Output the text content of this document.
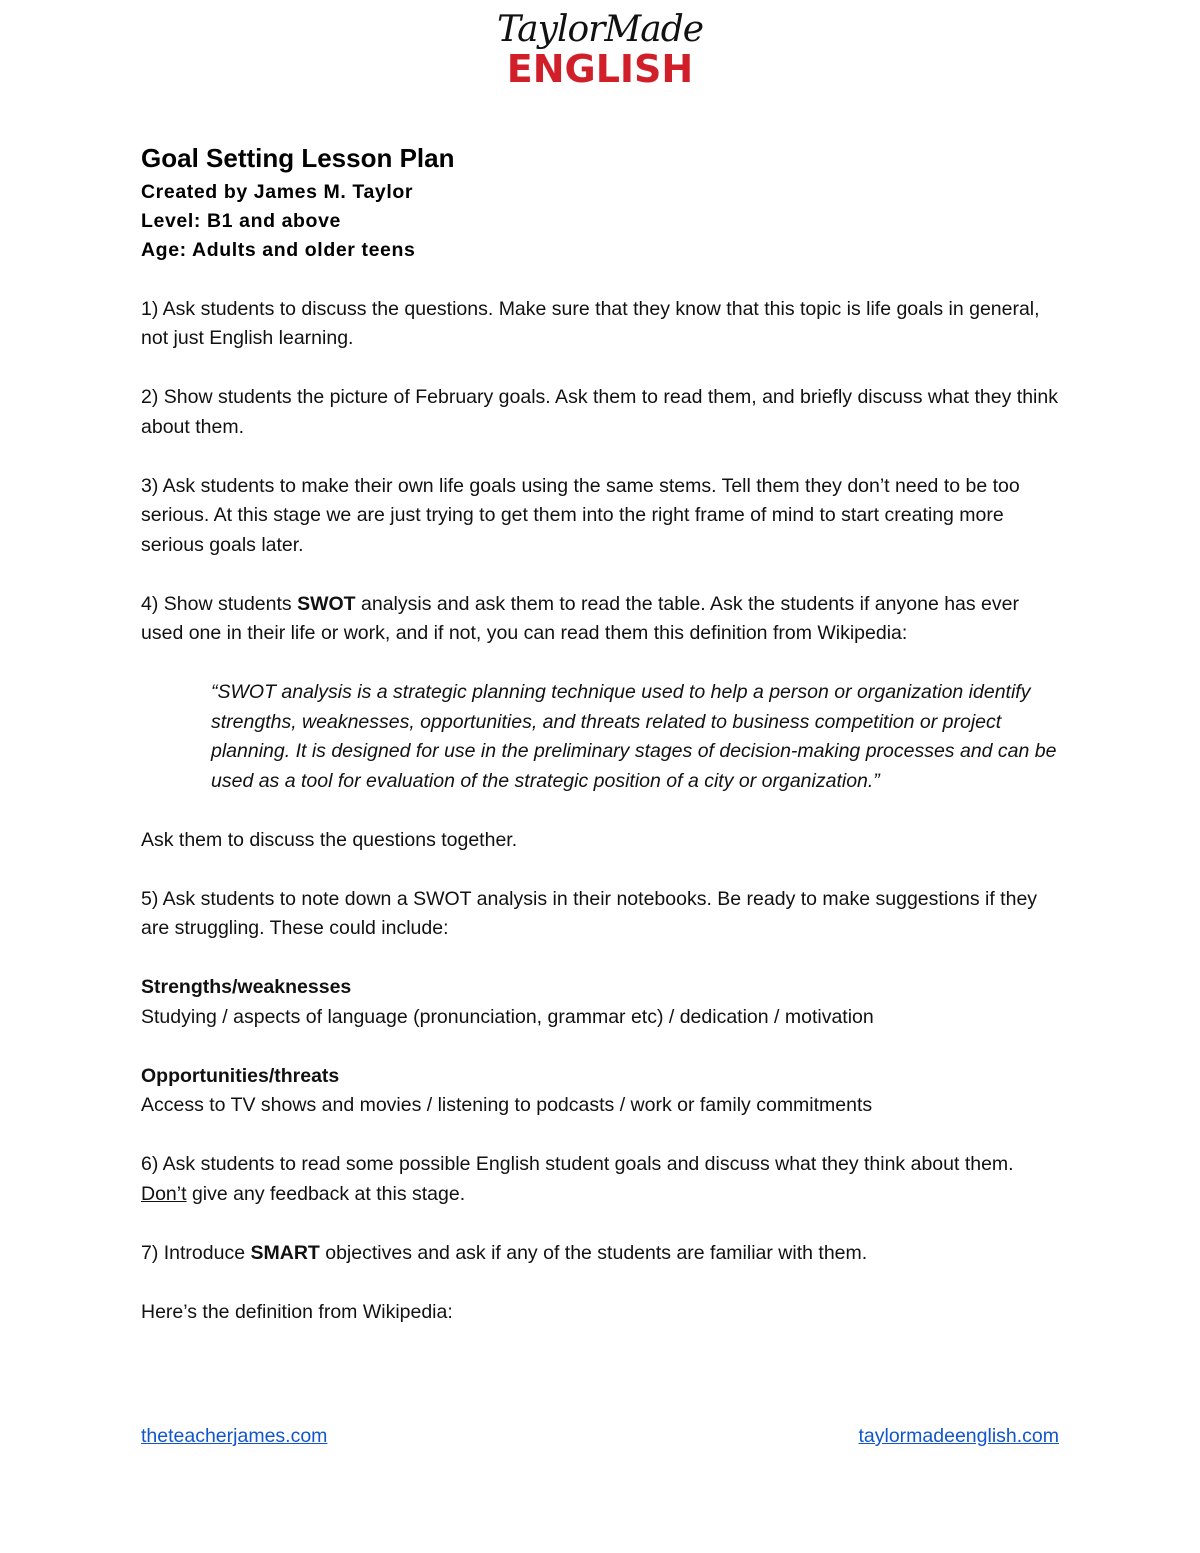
TaylorMade
ENGLISH
Goal Setting Lesson Plan

Created by James M. Taylor

Level: B1 and above

Age: Adults and older teens

1) Ask students to discuss the questions. Make sure that they know that this topic is life goals in general, not just English learning.

2) Show students the picture of February goals. Ask them to read them, and briefly discuss what they think about them.

3) Ask students to make their own life goals using the same stems. Tell them they don’t need to be too serious. At this stage we are just trying to get them into the right frame of mind to start creating more serious goals later.

4) Show students SWOT analysis and ask them to read the table. Ask the students if anyone has ever used one in their life or work, and if not, you can read them this definition from Wikipedia:

“SWOT analysis is a strategic planning technique used to help a person or organization identify strengths, weaknesses, opportunities, and threats related to business competition or project planning. It is designed for use in the preliminary stages of decision-making processes and can be used as a tool for evaluation of the strategic position of a city or organization.”

Ask them to discuss the questions together.

5) Ask students to note down a SWOT analysis in their notebooks. Be ready to make suggestions if they are struggling. These could include:

Strengths/weaknesses

Studying / aspects of language (pronunciation, grammar etc) / dedication / motivation

Opportunities/threats

Access to TV shows and movies / listening to podcasts / work or family commitments

6) Ask students to read some possible English student goals and discuss what they think about them. Don’t give any feedback at this stage.

7) Introduce SMART objectives and ask if any of the students are familiar with them.

Here’s the definition from Wikipedia:

theteacherjames.com	taylormadeenglish.com
